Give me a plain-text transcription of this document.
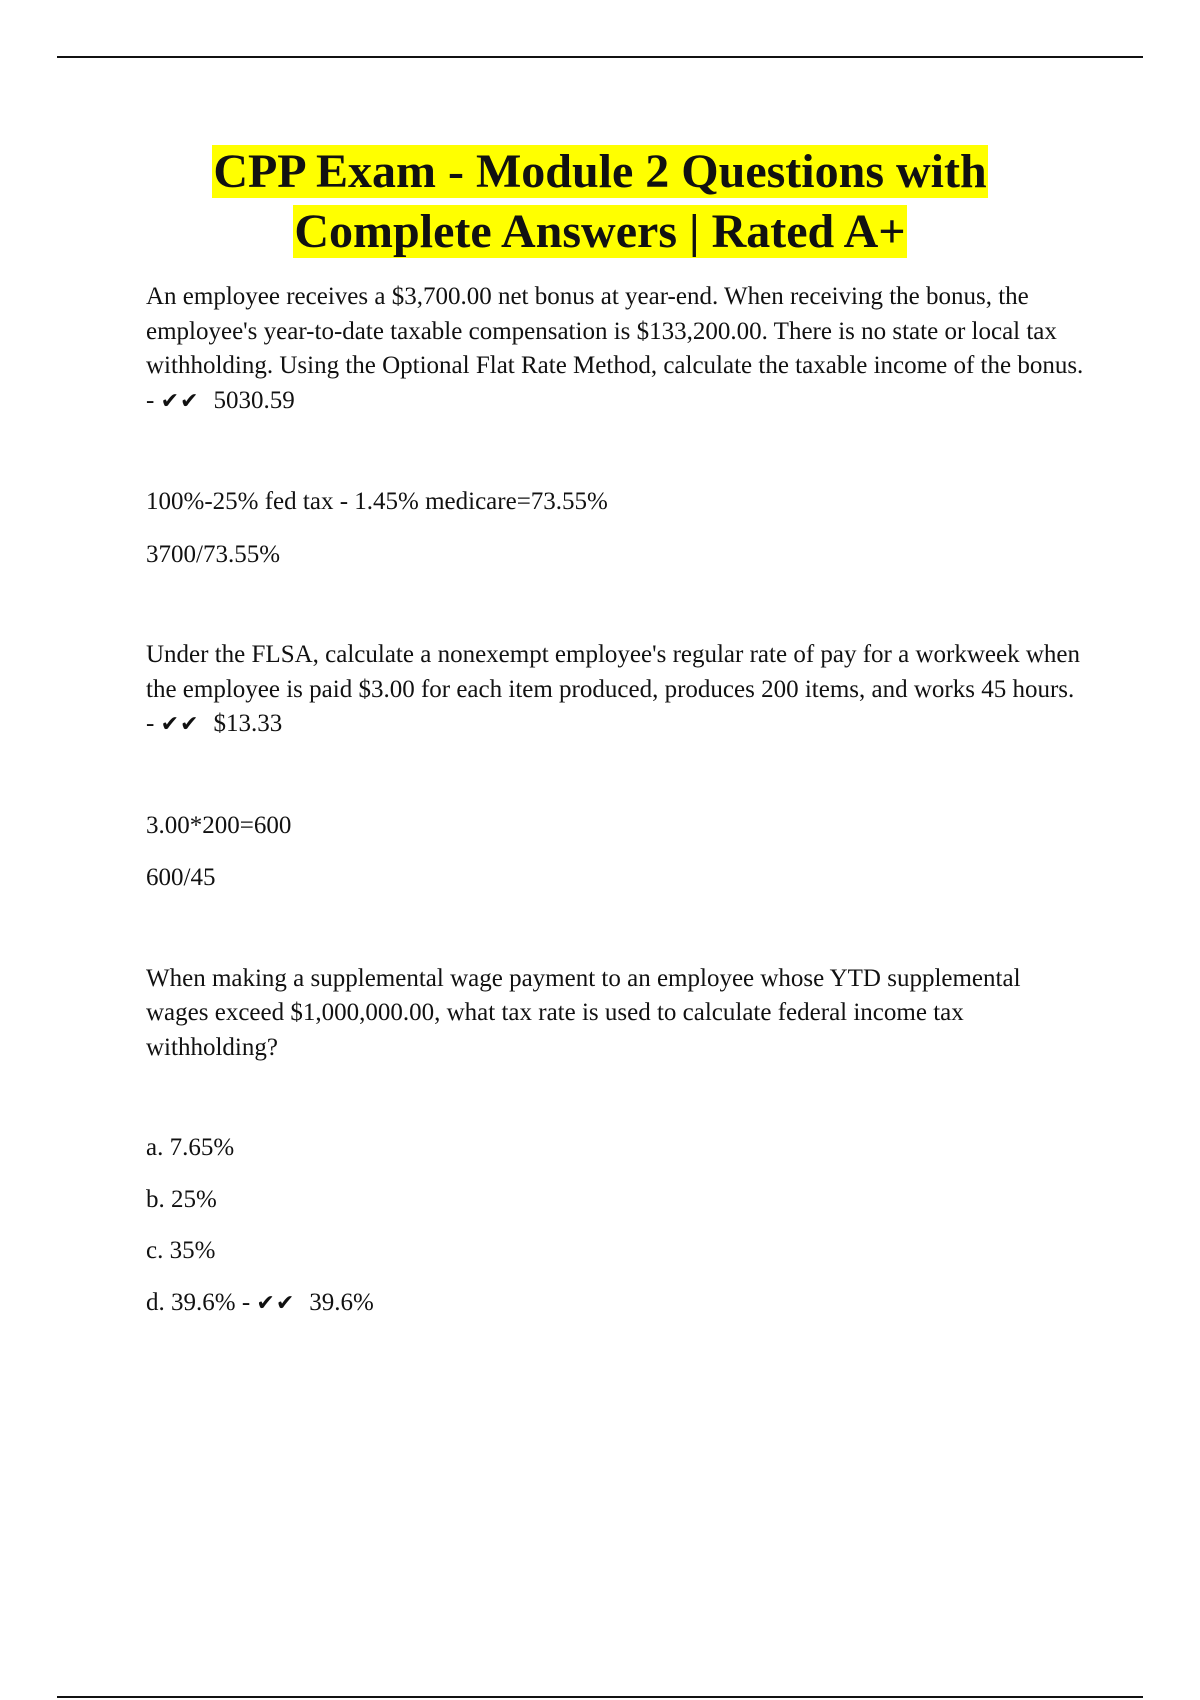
CPP Exam - Module 2 Questions with
Complete Answers | Rated A+

An employee receives a $3,700.00 net bonus at year-end. When receiving the bonus, the employee's year-to-date taxable compensation is $133,200.00. There is no state or local tax withholding. Using the Optional Flat Rate Method, calculate the taxable income of the bonus. - ✔✔ 5030.59

100%-25% fed tax - 1.45% medicare=73.55%

3700/73.55%

Under the FLSA, calculate a nonexempt employee's regular rate of pay for a workweek when the employee is paid $3.00 for each item produced, produces 200 items, and works 45 hours. - ✔✔ $13.33

3.00*200=600

600/45

When making a supplemental wage payment to an employee whose YTD supplemental wages exceed $1,000,000.00, what tax rate is used to calculate federal income tax withholding?

a. 7.65%

b. 25%

c. 35%

d. 39.6% - ✔✔ 39.6%
